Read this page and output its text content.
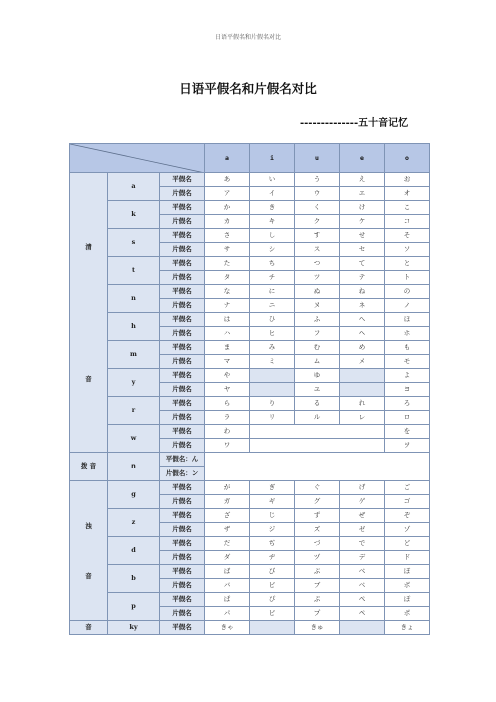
日语平假名和片假名对比
日语平假名和片假名对比
--------------五十音记忆
	a	i	u	e	o

清
音	a	平假名	あ	い	う	え	お
		片假名	ア	イ	ウ	エ	オ
	k	平假名	か	き	く	け	こ
		片假名	カ	キ	ク	ケ	コ
	s	平假名	さ	し	す	せ	そ
		片假名	サ	シ	ス	セ	ソ
	t	平假名	た	ち	つ	て	と
		片假名	タ	チ	ツ	テ	ト
	n	平假名	な	に	ぬ	ね	の
		片假名	ナ	ニ	ヌ	ネ	ノ
	h	平假名	は	ひ	ふ	へ	ほ
		片假名	ハ	ヒ	フ	ヘ	ホ
	m	平假名	ま	み	む	め	も
		片假名	マ	ミ	ム	メ	モ
	y	平假名	や		ゆ		よ
		片假名	ヤ		ユ		ヨ
	r	平假名	ら	り	る	れ	ろ
		片假名	ラ	リ	ル	レ	ロ
	w	平假名	わ				を
		片假名	ワ				ヲ
拨 音	n	平假名：ん					
		片假名：ン					

浊
音	g	平假名	が	ぎ	ぐ	げ	ご
		片假名	ガ	ギ	グ	ゲ	ゴ
	z	平假名	ざ	じ	ず	ぜ	ぞ
		片假名	ザ	ジ	ズ	ゼ	ゾ
	d	平假名	だ	ぢ	づ	で	ど
		片假名	ダ	ヂ	ヅ	デ	ド
	b	平假名	ば	び	ぶ	べ	ぼ
		片假名	バ	ビ	ブ	ベ	ボ
	p	平假名	ぱ	ぴ	ぷ	ぺ	ぽ
		片假名	パ	ピ	プ	ペ	ポ
音	ky	平假名	きゃ		きゅ		きょ
